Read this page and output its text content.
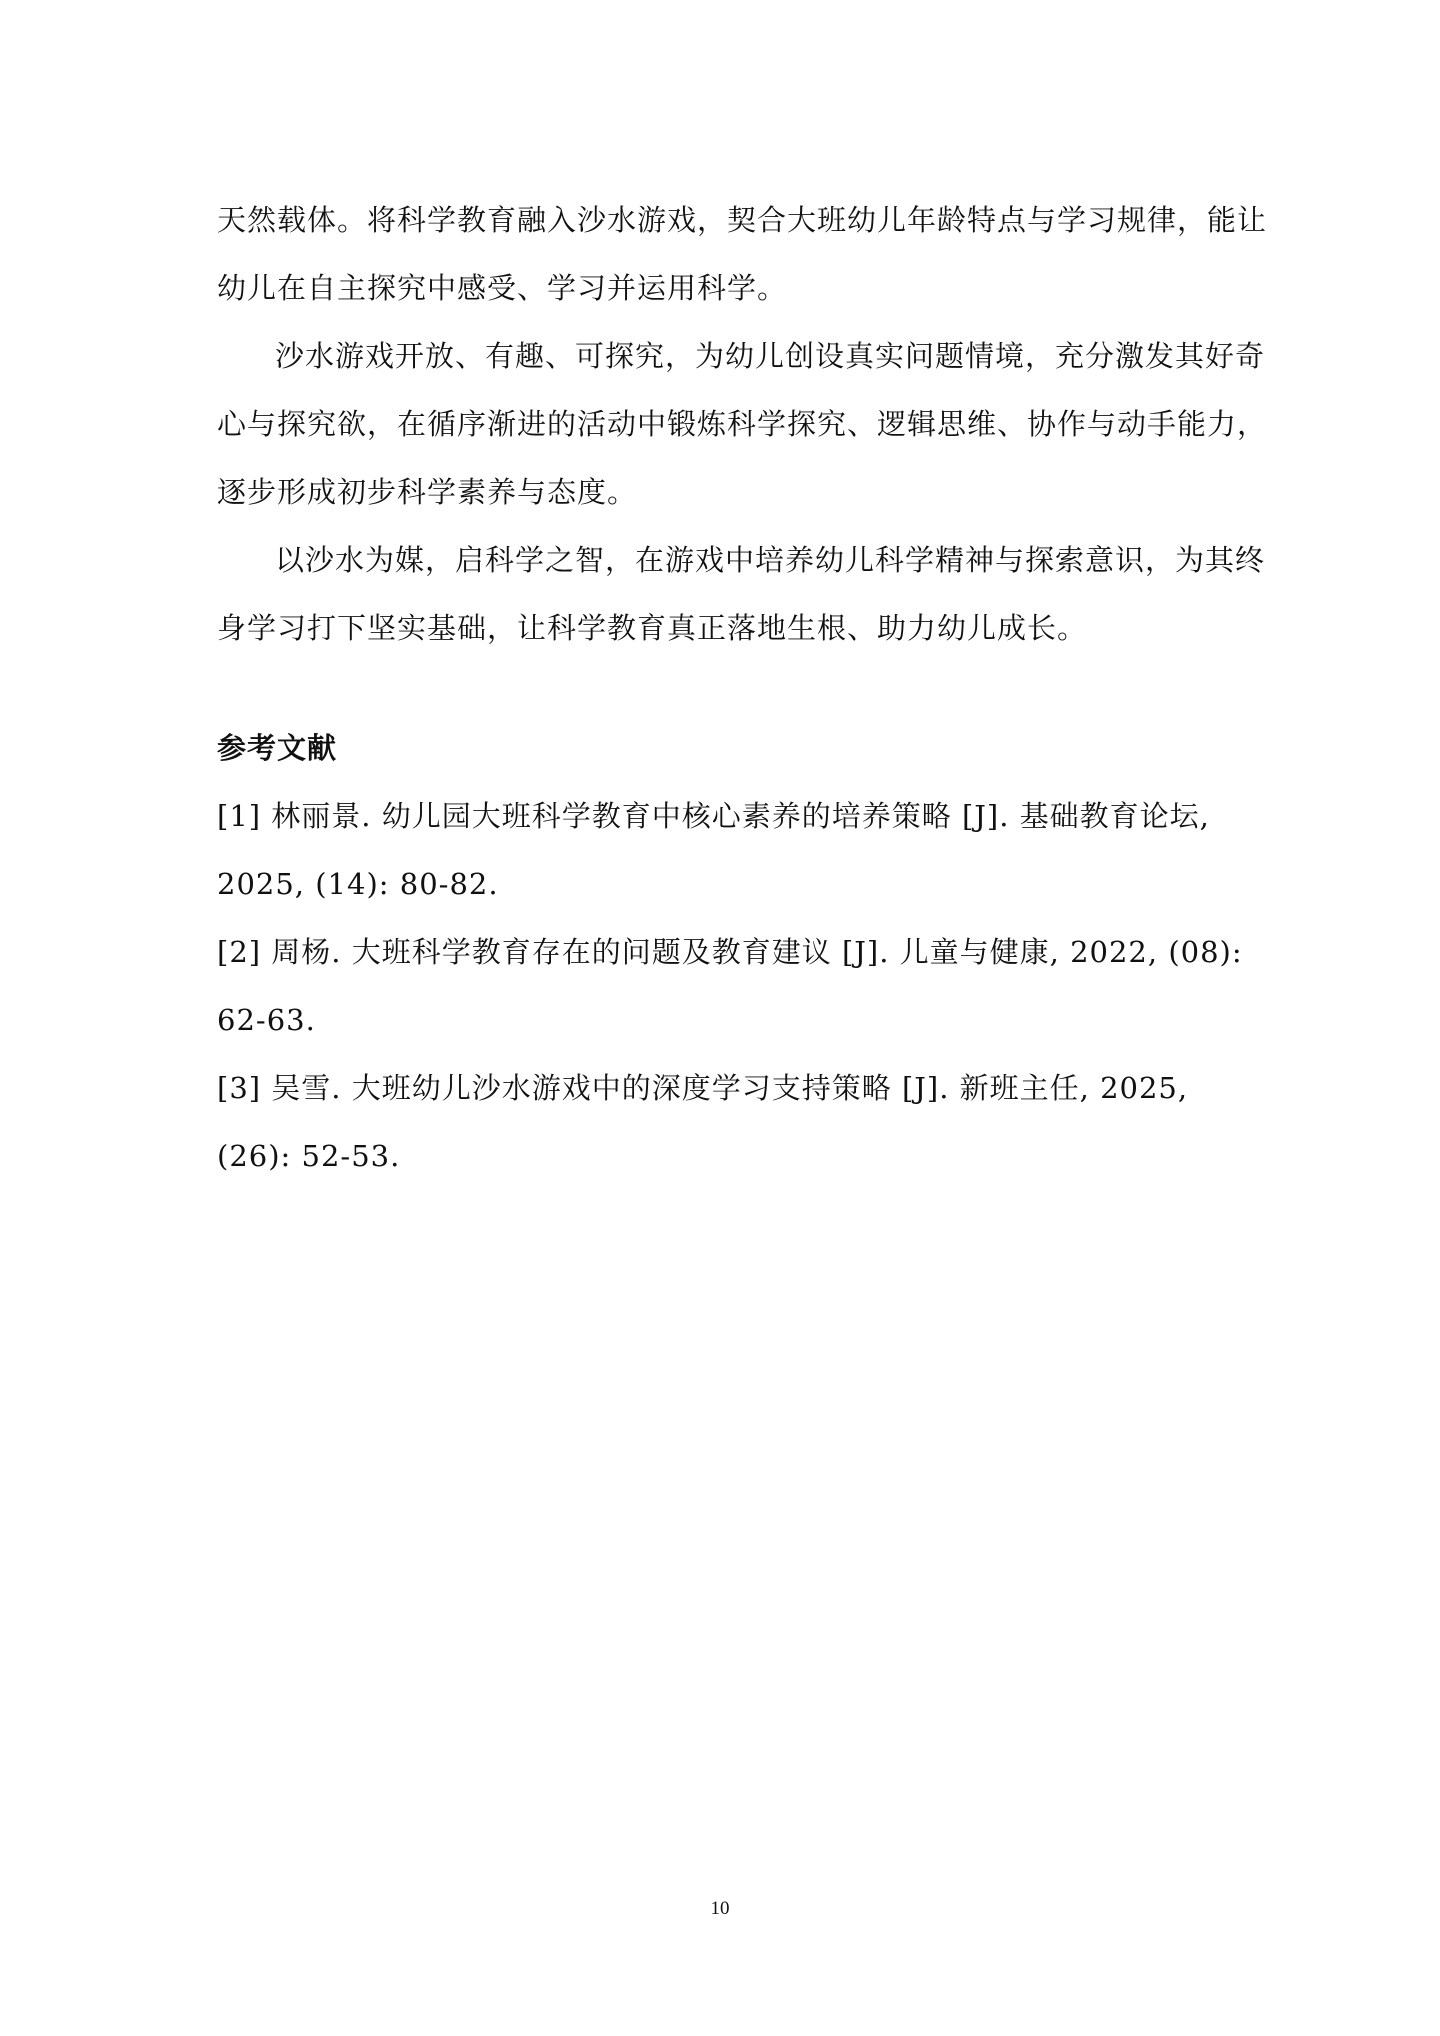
天然载体。将科学教育融入沙水游戏，契合大班幼儿年龄特点与学习规律，能让
幼儿在自主探究中感受、学习并运用科学。

沙水游戏开放、有趣、可探究，为幼儿创设真实问题情境，充分激发其好奇
心与探究欲，在循序渐进的活动中锻炼科学探究、逻辑思维、协作与动手能力，
逐步形成初步科学素养与态度。

以沙水为媒，启科学之智，在游戏中培养幼儿科学精神与探索意识，为其终
身学习打下坚实基础，让科学教育真正落地生根、助力幼儿成长。

参考文献

[1] 林丽景. 幼儿园大班科学教育中核心素养的培养策略 [J]. 基础教育论坛,
2025, (14): 80-82.

[2] 周杨. 大班科学教育存在的问题及教育建议 [J]. 儿童与健康, 2022, (08):
62-63.

[3] 吴雪. 大班幼儿沙水游戏中的深度学习支持策略 [J]. 新班主任, 2025,
(26): 52-53.

10
